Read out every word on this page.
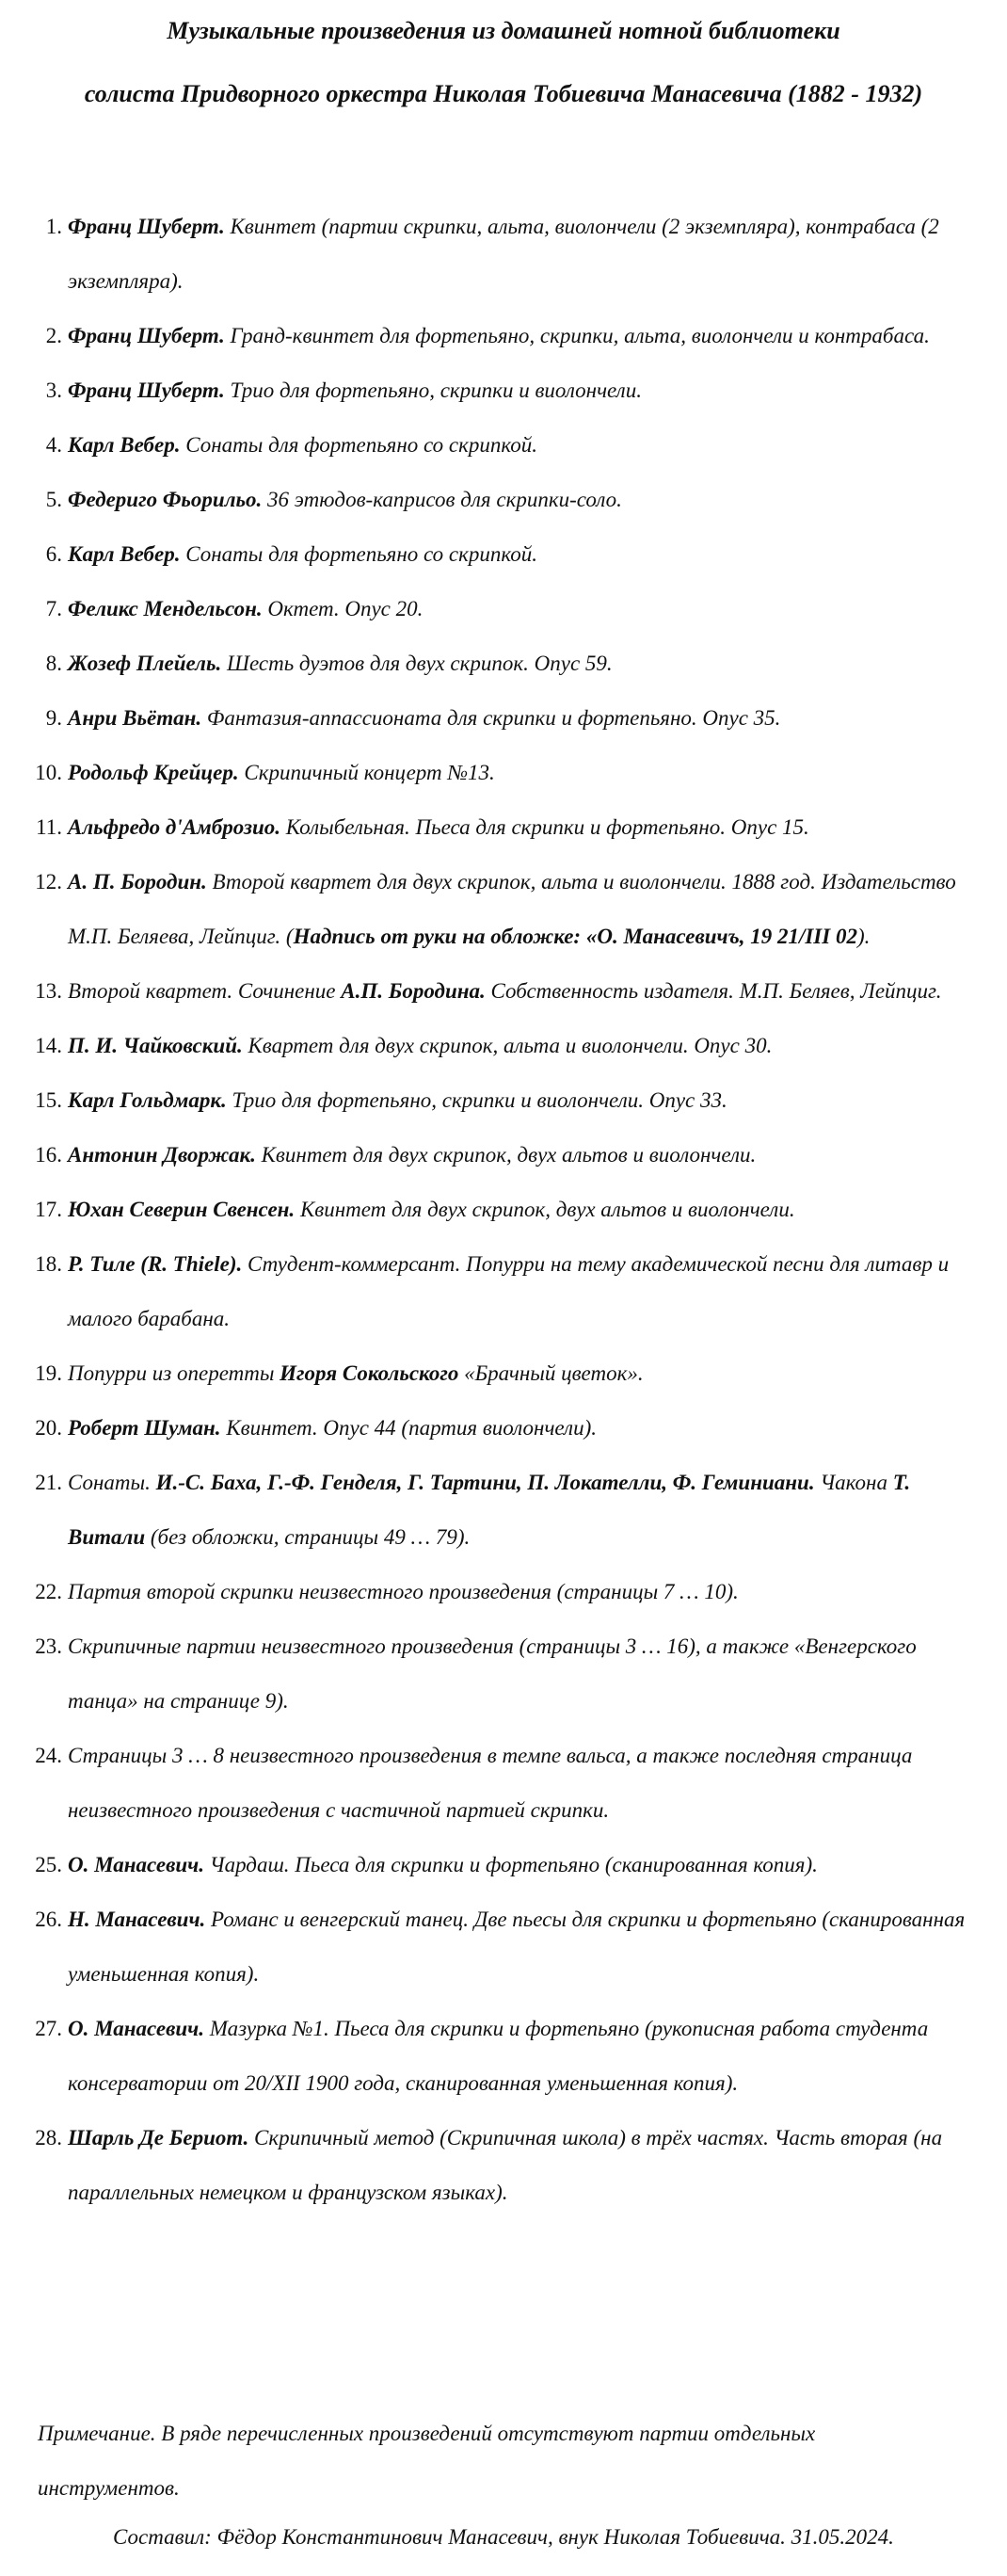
Музыкальные произведения из домашней нотной библиотеки
солиста Придворного оркестра Николая Тобиевича Манасевича (1882 - 1932)

1. Франц Шуберт. Квинтет (партии скрипки, альта, виолончели (2 экземпляра), контрабаса (2 экземпляра).

2. Франц Шуберт. Гранд-квинтет для фортепьяно, скрипки, альта, виолончели и контрабаса.

3. Франц Шуберт. Трио для фортепьяно, скрипки и виолончели.

4. Карл Вебер. Сонаты для фортепьяно со скрипкой.

5. Федериго Фьорильо. 36 этюдов-каприсов для скрипки-соло.

6. Карл Вебер. Сонаты для фортепьяно со скрипкой.

7. Феликс Мендельсон. Октет. Опус 20.

8. Жозеф Плейель. Шесть дуэтов для двух скрипок. Опус 59.

9. Анри Вьётан. Фантазия-аппассионата для скрипки и фортепьяно. Опус 35.

10. Родольф Крейцер. Скрипичный концерт №13.

11. Альфредо д'Амброзио. Колыбельная. Пьеса для скрипки и фортепьяно. Опус 15.

12. А. П. Бородин. Второй квартет для двух скрипок, альта и виолончели. 1888 год. Издательство М.П. Беляева, Лейпциг. (Надпись от руки на обложке: «О. Манасевичъ, 19 21/III 02).

13. Второй квартет. Сочинение А.П. Бородина. Собственность издателя. М.П. Беляев, Лейпциг.

14. П. И. Чайковский. Квартет для двух скрипок, альта и виолончели. Опус 30.

15. Карл Гольдмарк. Трио для фортепьяно, скрипки и виолончели. Опус 33.

16. Антонин Дворжак. Квинтет для двух скрипок, двух альтов и виолончели.

17. Юхан Северин Свенсен. Квинтет для двух скрипок, двух альтов и виолончели.

18. Р. Тиле (R. Thiele). Студент-коммерсант. Попурри на тему академической песни для литавр и малого барабана.

19. Попурри из оперетты Игоря Сокольского «Брачный цветок».

20. Роберт Шуман. Квинтет. Опус 44 (партия виолончели).

21. Сонаты. И.-С. Баха, Г.-Ф. Генделя, Г. Тартини, П. Локателли, Ф. Геминиани. Чакона Т. Витали (без обложки, страницы 49 … 79).

22. Партия второй скрипки неизвестного произведения (страницы 7 … 10).

23. Скрипичные партии неизвестного произведения (страницы 3 … 16), а также «Венгерского танца» на странице 9).

24. Страницы 3 … 8 неизвестного произведения в темпе вальса, а также последняя страница неизвестного произведения с частичной партией скрипки.

25. О. Манасевич. Чардаш. Пьеса для скрипки и фортепьяно (сканированная копия).

26. Н. Манасевич. Романс и венгерский танец. Две пьесы для скрипки и фортепьяно (сканированная уменьшенная копия).

27. О. Манасевич. Мазурка №1. Пьеса для скрипки и фортепьяно (рукописная работа студента консерватории от 20/XII 1900 года, сканированная уменьшенная копия).

28. Шарль Де Бериот. Скрипичный метод (Скрипичная школа) в трёх частях. Часть вторая (на параллельных немецком и французском языках).

Примечание. В ряде перечисленных произведений отсутствуют партии отдельных инструментов.
Составил: Фёдор Константинович Манасевич, внук Николая Тобиевича. 31.05.2024.
